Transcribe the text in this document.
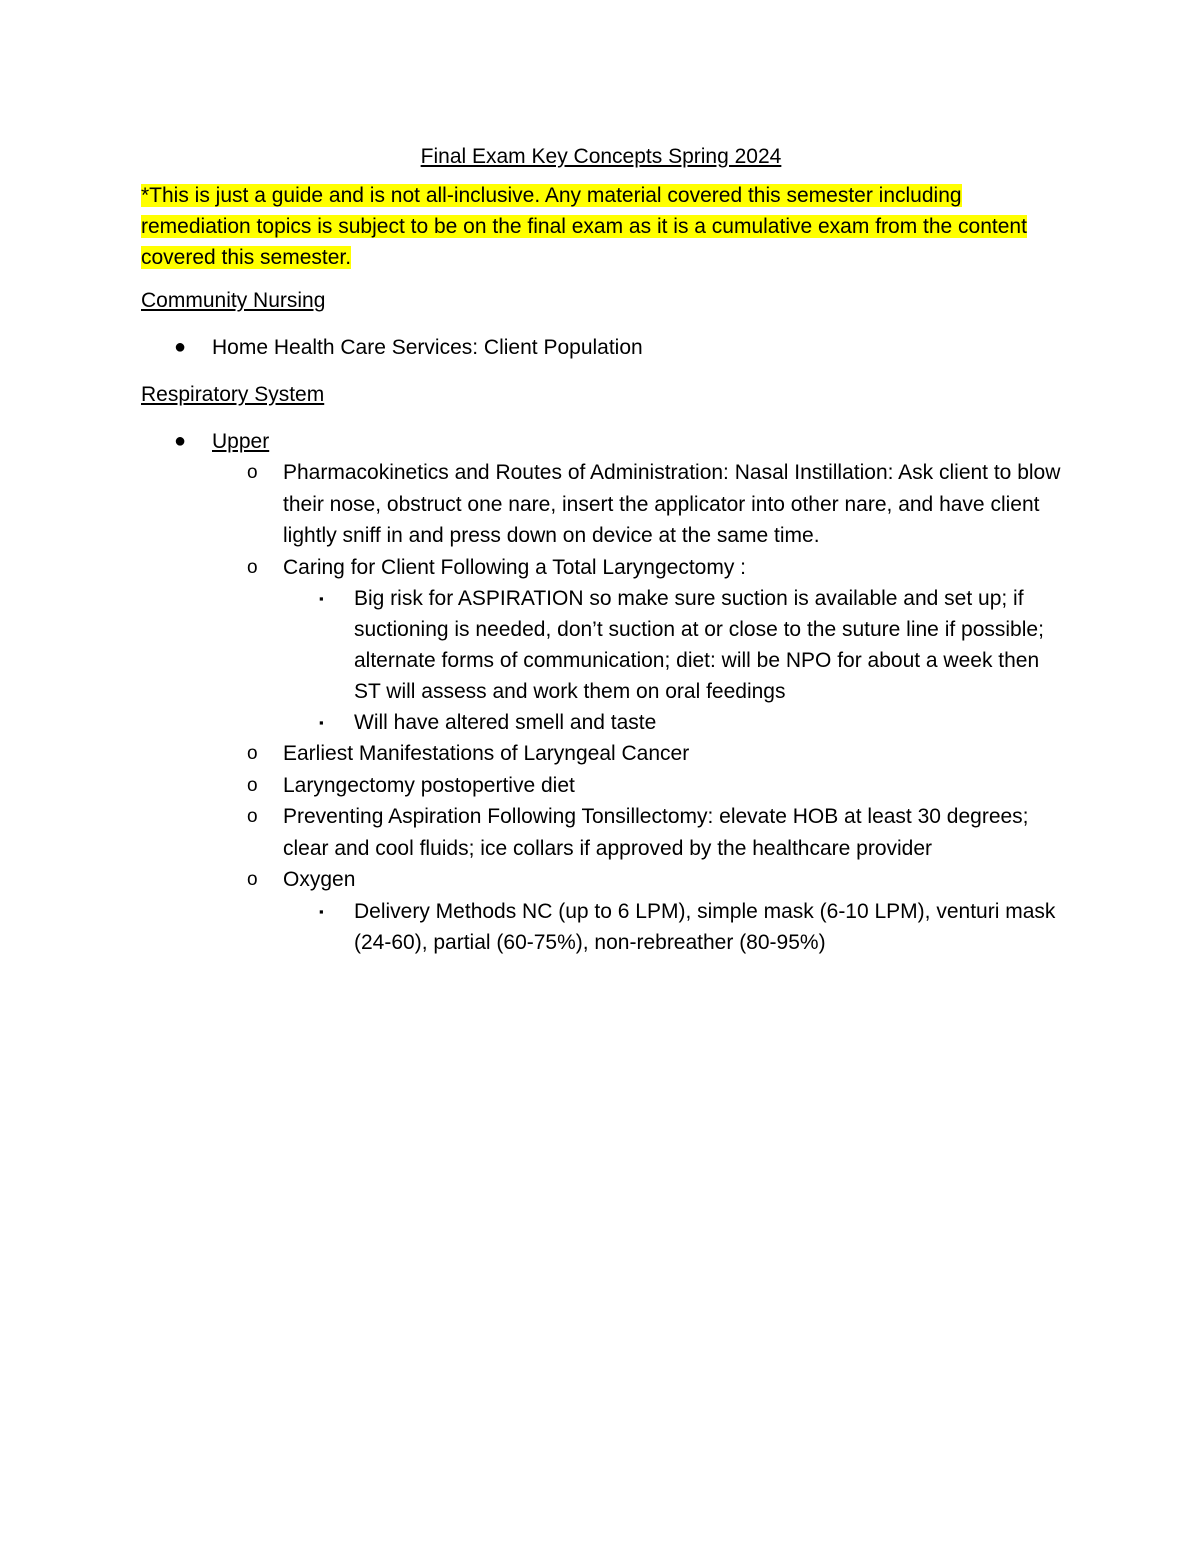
Final Exam Key Concepts Spring 2024

*This is just a guide and is not all-inclusive. Any material covered this semester including remediation topics is subject to be on the final exam as it is a cumulative exam from the content covered this semester.

Community Nursing
● Home Health Care Services: Client Population
Respiratory System
● Upper
o Pharmacokinetics and Routes of Administration: Nasal Instillation: Ask client to blow their nose, obstruct one nare, insert the applicator into other nare, and have client lightly sniff in and press down on device at the same time.
o Caring for Client Following a Total Laryngectomy :
▪ Big risk for ASPIRATION so make sure suction is available and set up; if suctioning is needed, don’t suction at or close to the suture line if possible; alternate forms of communication; diet: will be NPO for about a week then ST will assess and work them on oral feedings
▪ Will have altered smell and taste
o Earliest Manifestations of Laryngeal Cancer
o Laryngectomy postopertive diet
o Preventing Aspiration Following Tonsillectomy: elevate HOB at least 30 degrees; clear and cool fluids; ice collars if approved by the healthcare provider
o Oxygen
▪ Delivery Methods NC (up to 6 LPM), simple mask (6-10 LPM), venturi mask (24-60), partial (60-75%), non-rebreather (80-95%)
